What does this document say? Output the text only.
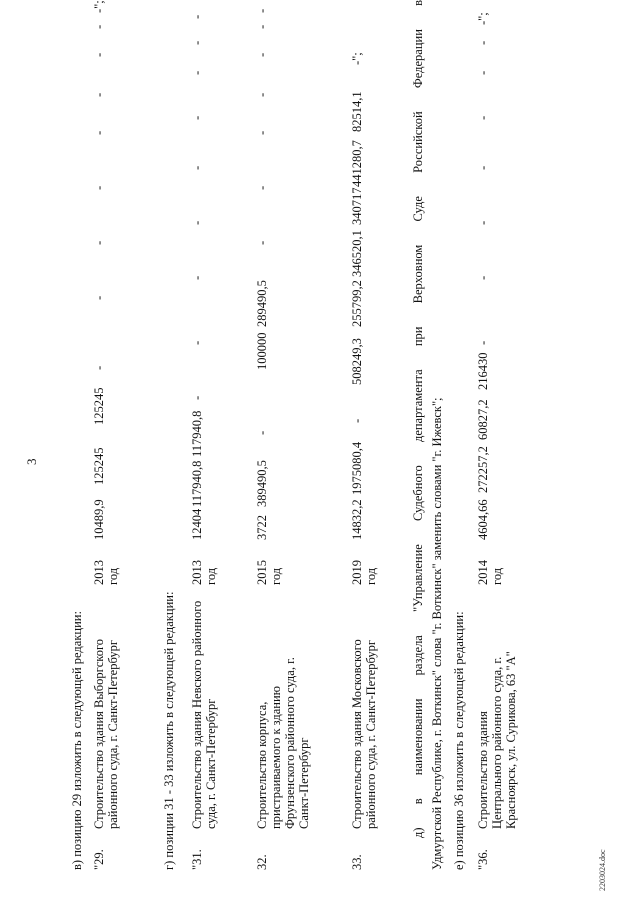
3
в) позицию 29 изложить в следующей редакции: "29.
Строительство здания Выборгского районного суда, г. Санкт-Петербург
2013 год
10489,9
125245
125245
-
-
-
-
-
-
-
-
-";
г) позиции 31 - 33 изложить в следующей редакции: "31.
Строительство здания Невского районного суда, г. Санкт-Петербург
2013 год
12404
117940,8
117940,8
-
-
-
-
-
-
-
-
-
32.
Строительство корпуса, пристраиваемого к зданию Фрунзенского районного суда, г. Санкт-Петербург
2015 год
3722
389490,5
-
100000
289490,5
-
-
-
-
-
-
-
33.
Строительство здания Московского районного суда, г. Санкт-Петербург
2019 год
14832,2
1975080,4
-
508249,3
255799,2
346520,1
340717
441280,7
82514,1
-";	д) в наименовании раздела "Управление Судебного департамента при Верховном Суде Российской Федерации в Удмуртской Республике, г. Воткинск" слова "г. Воткинск" заменить словами "г. Ижевск"; е) позицию 36 изложить в следующей редакции: "36.
Строительство здания Центрального районного суда, г. Красноярск, ул. Сурикова, 63 "А"
2014 год
4604,66
272257,2
60827,2
216430
-
-
-
-
-
-
-
-";
2203024.doc
